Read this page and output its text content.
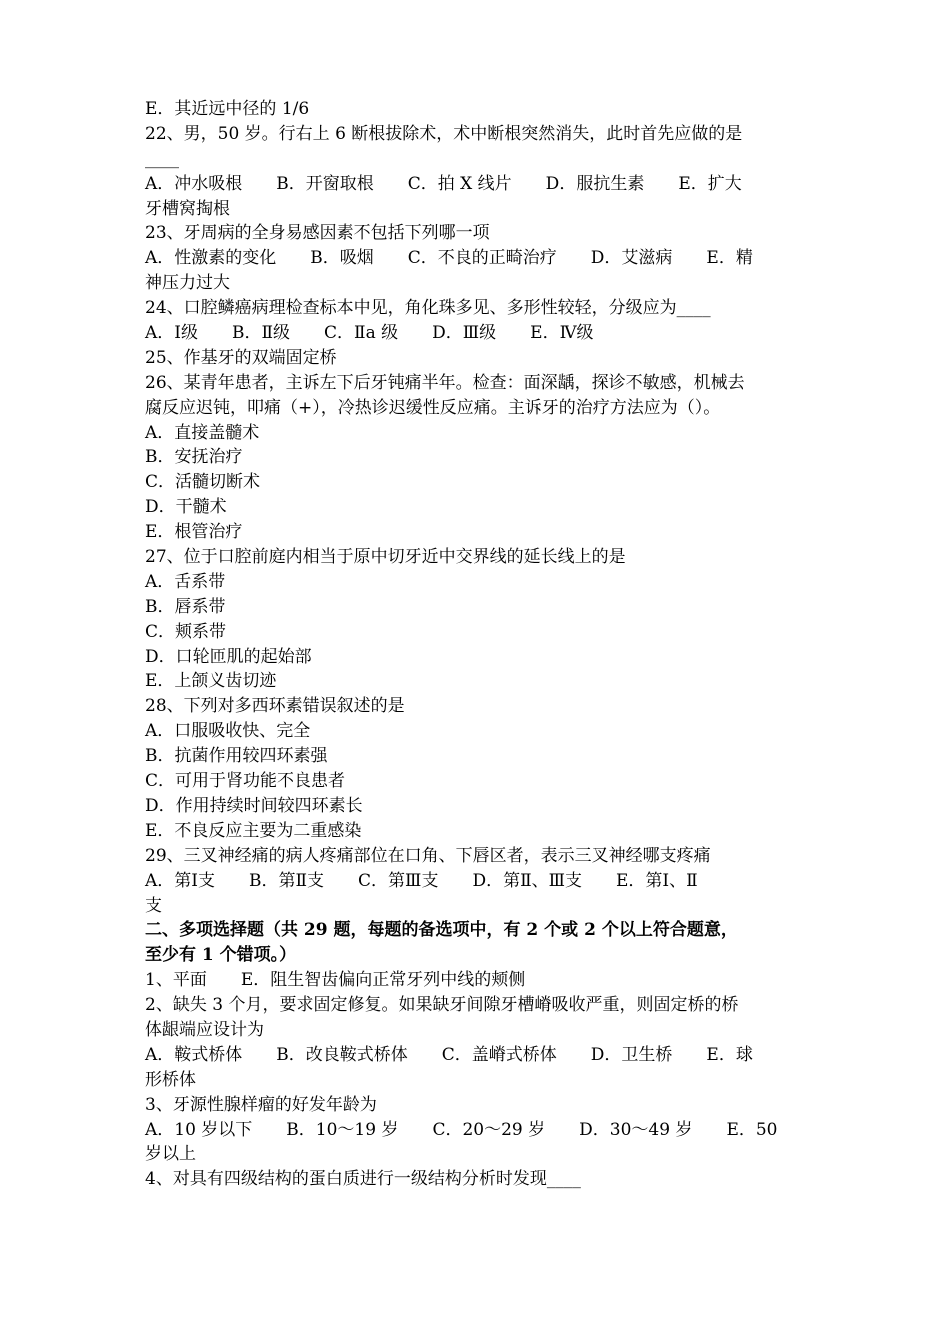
E．其近远中径的 1/6
22、男，50 岁。行右上 6 断根拔除术，术中断根突然消失，此时首先应做的是
____
A．冲水吸根　　B．开窗取根　　C．拍 X 线片　　D．服抗生素　　E．扩大
牙槽窝掏根
23、牙周病的全身易感因素不包括下列哪一项
A．性激素的变化　　B．吸烟　　C．不良的正畸治疗　　D．艾滋病　　E．精
神压力过大
24、口腔鳞癌病理检查标本中见，角化珠多见、多形性较轻，分级应为____
A．Ⅰ级　　B．Ⅱ级　　C．Ⅱa 级　　D．Ⅲ级　　E．Ⅳ级
25、作基牙的双端固定桥
26、某青年患者，主诉左下后牙钝痛半年。检查：面深龋，探诊不敏感，机械去
腐反应迟钝，叩痛（+），冷热诊迟缓性反应痛。主诉牙的治疗方法应为（）。
A．直接盖髓术
B．安抚治疗
C．活髓切断术
D．干髓术
E．根管治疗
27、位于口腔前庭内相当于原中切牙近中交界线的延长线上的是
A．舌系带
B．唇系带
C．颊系带
D．口轮匝肌的起始部
E．上颌义齿切迹
28、下列对多西环素错误叙述的是
A．口服吸收快、完全
B．抗菌作用较四环素强
C．可用于肾功能不良患者
D．作用持续时间较四环素长
E．不良反应主要为二重感染
29、三叉神经痛的病人疼痛部位在口角、下唇区者，表示三叉神经哪支疼痛
A．第Ⅰ支　　B．第Ⅱ支　　C．第Ⅲ支　　D．第Ⅱ、Ⅲ支　　E．第Ⅰ、Ⅱ
支
二、多项选择题（共 29 题，每题的备选项中，有 2 个或 2 个以上符合题意，
至少有 1 个错项。）
1、平面　　E．阻生智齿偏向正常牙列中线的颊侧
2、缺失 3 个月，要求固定修复。如果缺牙间隙牙槽嵴吸收严重，则固定桥的桥
体龈端应设计为
A．鞍式桥体　　B．改良鞍式桥体　　C．盖嵴式桥体　　D．卫生桥　　E．球
形桥体
3、牙源性腺样瘤的好发年龄为
A．10 岁以下　　B．10～19 岁　　C．20～29 岁　　D．30～49 岁　　E．50
岁以上
4、对具有四级结构的蛋白质进行一级结构分析时发现____
